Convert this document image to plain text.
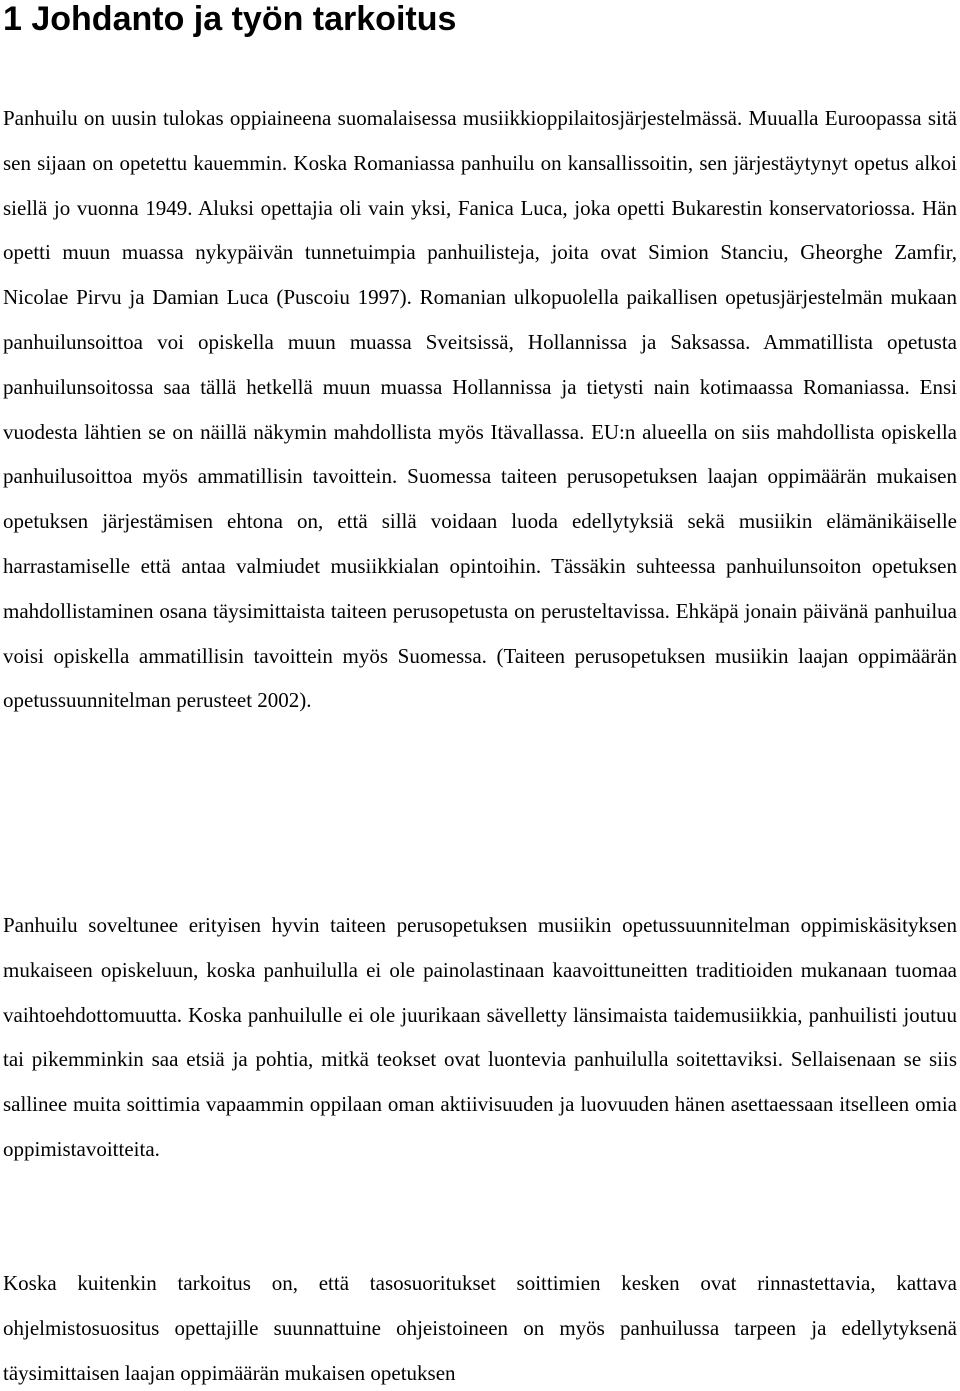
1 Johdanto ja työn tarkoitus

Panhuilu on uusin tulokas oppiaineena suomalaisessa musiikkioppilaitosjärjestelmässä. Muualla Euroopassa sitä sen sijaan on opetettu kauemmin. Koska Romaniassa panhuilu on kansallissoitin, sen järjestäytynyt opetus alkoi siellä jo vuonna 1949. Aluksi opettajia oli vain yksi, Fanica Luca, joka opetti Bukarestin konservatoriossa. Hän opetti muun muassa nykypäivän tunnetuimpia panhuilisteja, joita ovat Simion Stanciu, Gheorghe Zamfir, Nicolae Pirvu ja Damian Luca (Puscoiu 1997). Romanian ulkopuolella paikallisen opetusjärjestelmän mukaan panhuilunsoittoa voi opiskella muun muassa Sveitsissä, Hollannissa ja Saksassa. Ammatillista opetusta panhuilunsoitossa saa tällä hetkellä muun muassa Hollannissa ja tietysti nain kotimaassa Romaniassa. Ensi vuodesta lähtien se on näillä näkymin mahdollista myös Itävallassa. EU:n alueella on siis mahdollista opiskella panhuilusoittoa myös ammatillisin tavoittein. Suomessa taiteen perusopetuksen laajan oppimäärän mukaisen opetuksen järjestämisen ehtona on, että sillä voidaan luoda edellytyksiä sekä musiikin elämänikäiselle harrastamiselle että antaa valmiudet musiikkialan opintoihin. Tässäkin suhteessa panhuilunsoiton opetuksen mahdollistaminen osana täysimittaista taiteen perusopetusta on perusteltavissa. Ehkäpä jonain päivänä panhuilua voisi opiskella ammatillisin tavoittein myös Suomessa. (Taiteen perusopetuksen musiikin laajan oppimäärän opetussuunnitelman perusteet 2002).

Panhuilu soveltunee erityisen hyvin taiteen perusopetuksen musiikin opetussuunnitelman oppimiskäsityksen mukaiseen opiskeluun, koska panhuilulla ei ole painolastinaan kaavoittuneitten traditioiden mukanaan tuomaa vaihtoehdottomuutta. Koska panhuilulle ei ole juurikaan sävelletty länsimaista taidemusiikkia, panhuilisti joutuu tai pikemminkin saa etsiä ja pohtia, mitkä teokset ovat luontevia panhuilulla soitettaviksi. Sellaisenaan se siis sallinee muita soittimia vapaammin oppilaan oman aktiivisuuden ja luovuuden hänen asettaessaan itselleen omia oppimistavoitteita.

Koska kuitenkin tarkoitus on, että tasosuoritukset soittimien kesken ovat rinnastettavia, kattava ohjelmistosuositus opettajille suunnattuine ohjeistoineen on myös panhuilussa tarpeen ja edellytyksenä täysimittaisen laajan oppimäärän mukaisen opetuksen
